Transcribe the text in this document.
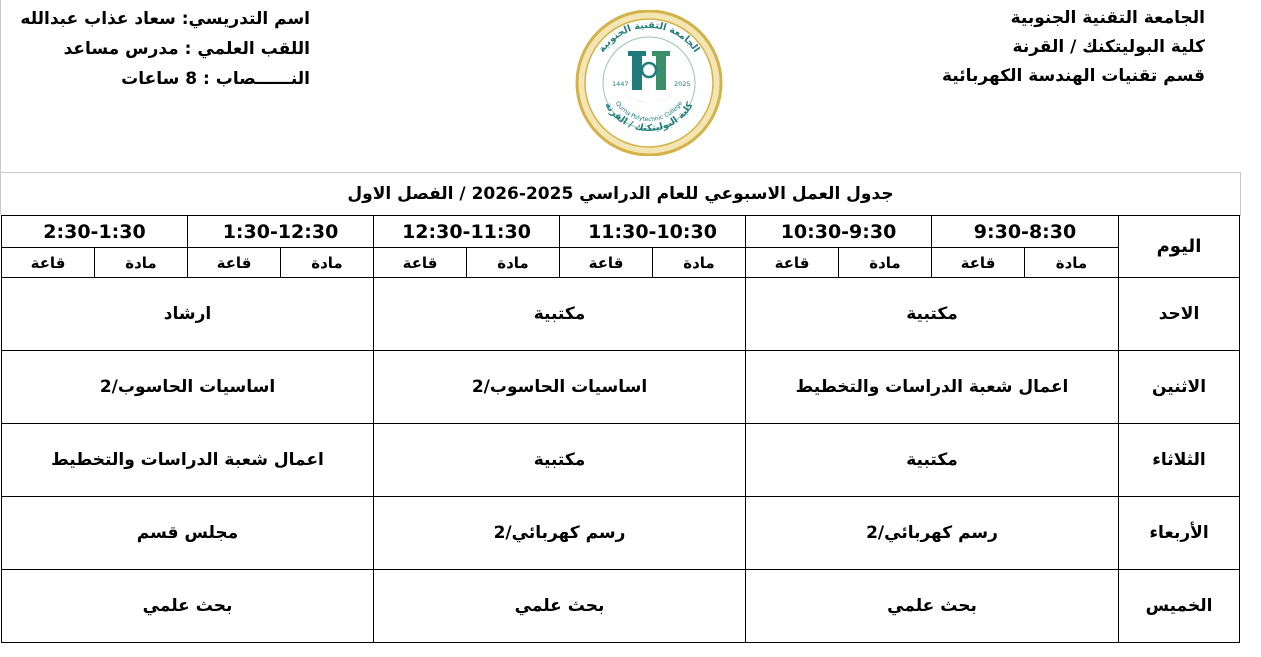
الجامعة التقنية الجنوبية
كلية البوليتكنك / القرنة
قسم تقنيات الهندسة الكهربائية
اسم التدريسي: سعاد عذاب عبدالله
اللقب العلمي : مدرس مساعد
النــــــصاب : 8 ساعات
الجامعة التقنية الجنوبية
كلية البوليتكنك / القرنة
Qurna Polytechnic College
1447	2025
جدول العمل الاسبوعي للعام الدراسي 2025-2026 / الفصل الاول
اليوم	9:30-8:30		10:30-9:30		11:30-10:30		12:30-11:30		1:30-12:30		2:30-1:30	
	مادة	قاعة	مادة	قاعة	مادة	قاعة	مادة	قاعة	مادة	قاعة	مادة	قاعة
الاحد	مكتبية				مكتبية				ارشاد			
الاثنين	اعمال شعبة الدراسات والتخطيط				اساسيات الحاسوب/2				اساسيات الحاسوب/2			
الثلاثاء	مكتبية				مكتبية				اعمال شعبة الدراسات والتخطيط			
الأربعاء	رسم كهربائي/2				رسم كهربائي/2				مجلس قسم			
الخميس	بحث علمي				بحث علمي				بحث علمي			
